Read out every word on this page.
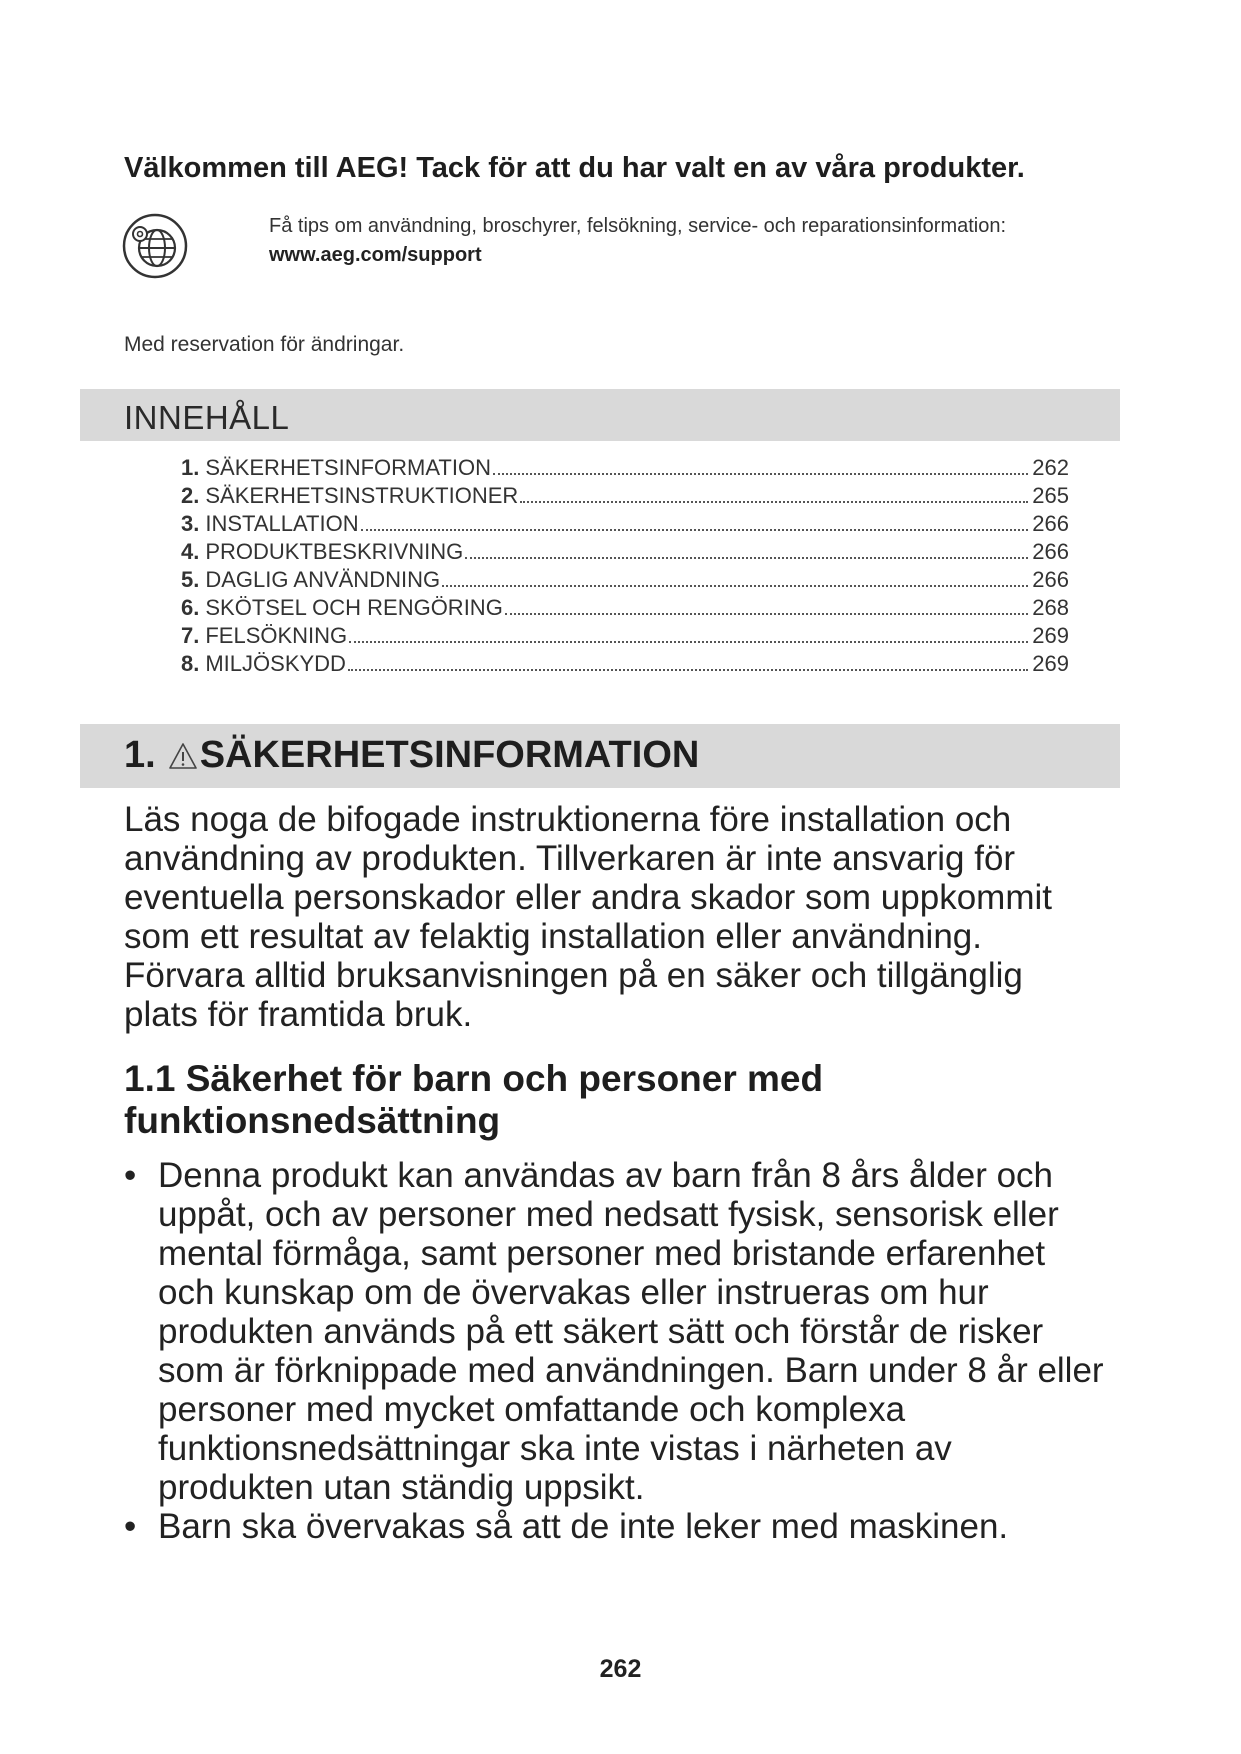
Välkommen till AEG! Tack för att du har valt en av våra produkter.
Få tips om användning, broschyrer, felsökning, service- och reparationsinformation:
www.aeg.com/support
Med reservation för ändringar.
INNEHÅLL
1. SÄKERHETSINFORMATION	262
2. SÄKERHETSINSTRUKTIONER	265
3. INSTALLATION	266
4. PRODUKTBESKRIVNING	266
5. DAGLIG ANVÄNDNING	266
6. SKÖTSEL OCH RENGÖRING	268
7. FELSÖKNING	269
8. MILJÖSKYDD	269
1. SÄKERHETSINFORMATION

Läs noga de bifogade instruktionerna före installation och användning av produkten. Tillverkaren är inte ansvarig för eventuella personskador eller andra skador som uppkommit som ett resultat av felaktig installation eller användning. Förvara alltid bruksanvisningen på en säker och tillgänglig plats för framtida bruk.

1.1 Säkerhet för barn och personer med funktionsnedsättning
• Denna produkt kan användas av barn från 8 års ålder och uppåt, och av personer med nedsatt fysisk, sensorisk eller mental förmåga, samt personer med bristande erfarenhet och kunskap om de övervakas eller instrueras om hur produkten används på ett säkert sätt och förstår de risker som är förknippade med användningen. Barn under 8 år eller personer med mycket omfattande och komplexa funktionsnedsättningar ska inte vistas i närheten av produkten utan ständig uppsikt.
• Barn ska övervakas så att de inte leker med maskinen.
262
